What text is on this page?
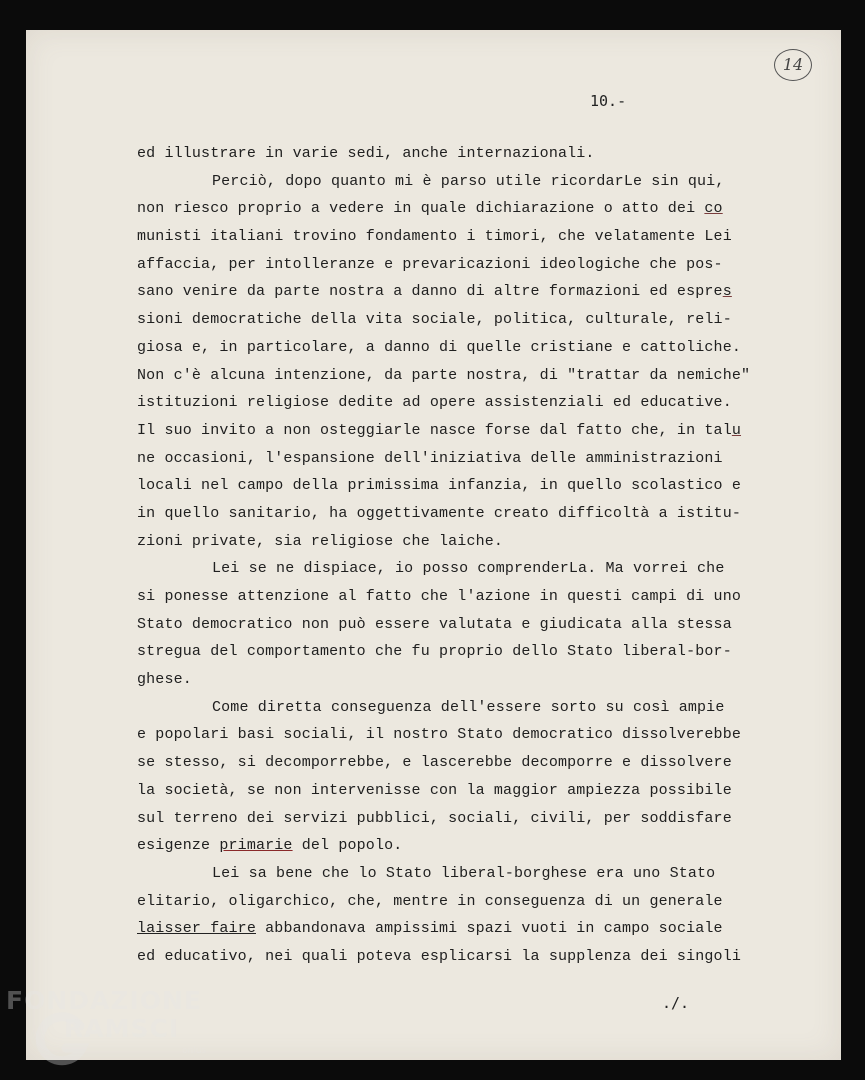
14
10.-
ed illustrare in varie sedi, anche internazionali.
Perciò, dopo quanto mi è parso utile ricordarLe sin qui,
non riesco proprio a vedere in quale dichiarazione o atto dei co
munisti italiani trovino fondamento i timori, che velatamente Lei
affaccia, per intolleranze e prevaricazioni ideologiche che pos-
sano venire da parte nostra a danno di altre formazioni ed espres
sioni democratiche della vita sociale, politica, culturale, reli-
giosa e, in particolare, a danno di quelle cristiane e cattoliche.
Non c'è alcuna intenzione, da parte nostra, di "trattar da nemiche"
istituzioni religiose dedite ad opere assistenziali ed educative.
Il suo invito a non osteggiarle nasce forse dal fatto che, in talu
ne occasioni, l'espansione dell'iniziativa delle amministrazioni
locali nel campo della primissima infanzia, in quello scolastico e
in quello sanitario, ha oggettivamente creato difficoltà a istitu-
zioni private, sia religiose che laiche.
Lei se ne dispiace, io posso comprenderLa. Ma vorrei che
si ponesse attenzione al fatto che l'azione in questi campi di uno
Stato democratico non può essere valutata e giudicata alla stessa
stregua del comportamento che fu proprio dello Stato liberal-bor-
ghese.
Come diretta conseguenza dell'essere sorto su così ampie
e popolari basi sociali, il nostro Stato democratico dissolverebbe
se stesso, si decomporrebbe, e lascerebbe decomporre e dissolvere
la società, se non intervenisse con la maggior ampiezza possibile
sul terreno dei servizi pubblici, sociali, civili, per soddisfare
esigenze primarie del popolo.
Lei sa bene che lo Stato liberal-borghese era uno Stato
elitario, oligarchico, che, mentre in conseguenza di un generale
laisser faire abbandonava ampissimi spazi vuoti in campo sociale
ed educativo, nei quali poteva esplicarsi la supplenza dei singoli
./.
FONDAZIONE
RAMSCI
onlus
